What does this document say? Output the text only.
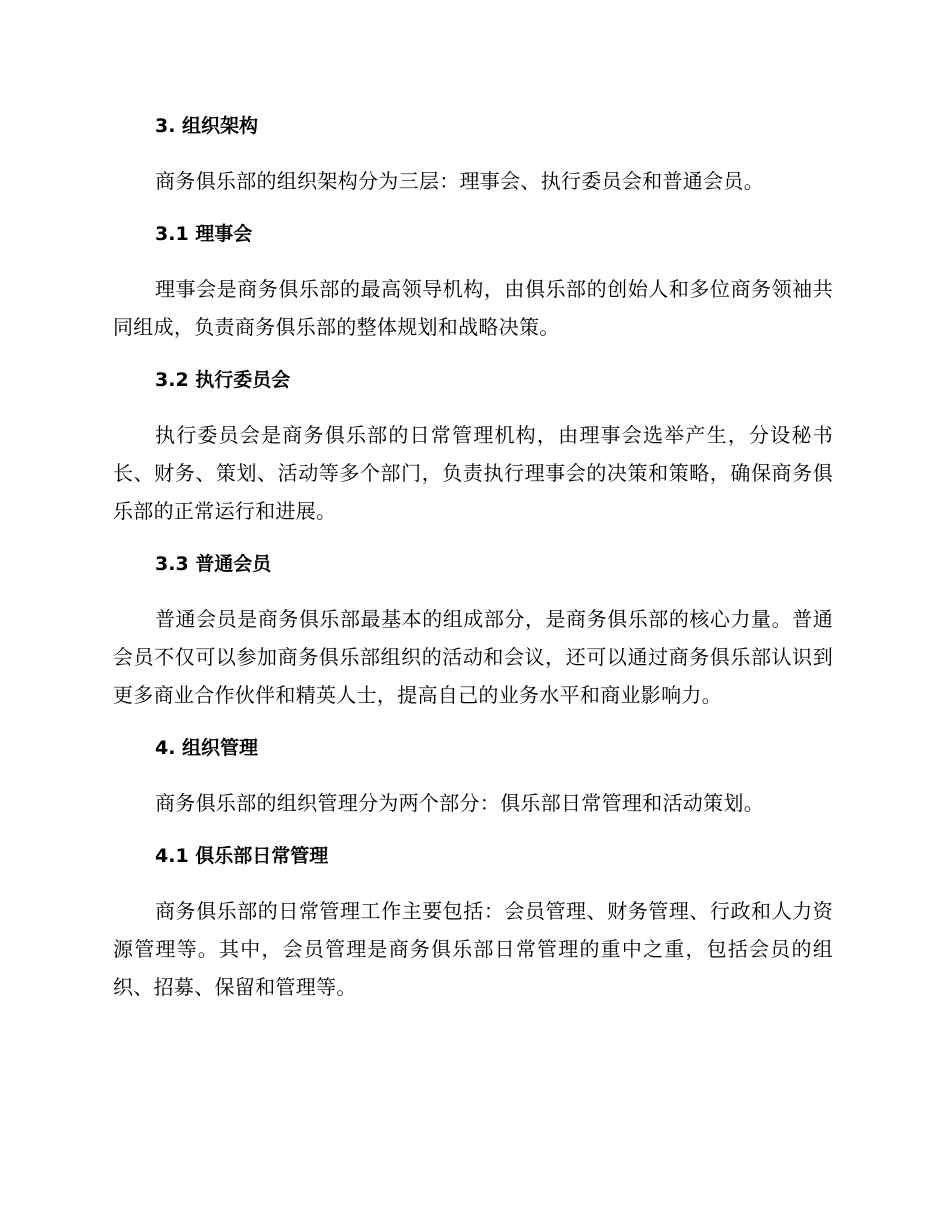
3. 组织架构

商务俱乐部的组织架构分为三层：理事会、执行委员会和普通会员。

3.1 理事会

理事会是商务俱乐部的最高领导机构，由俱乐部的创始人和多位商务领袖共同组成，负责商务俱乐部的整体规划和战略决策。

3.2 执行委员会

执行委员会是商务俱乐部的日常管理机构，由理事会选举产生，分设秘书长、财务、策划、活动等多个部门，负责执行理事会的决策和策略，确保商务俱乐部的正常运行和进展。

3.3 普通会员

普通会员是商务俱乐部最基本的组成部分，是商务俱乐部的核心力量。普通会员不仅可以参加商务俱乐部组织的活动和会议，还可以通过商务俱乐部认识到更多商业合作伙伴和精英人士，提高自己的业务水平和商业影响力。

4. 组织管理

商务俱乐部的组织管理分为两个部分：俱乐部日常管理和活动策划。

4.1 俱乐部日常管理

商务俱乐部的日常管理工作主要包括：会员管理、财务管理、行政和人力资源管理等。其中，会员管理是商务俱乐部日常管理的重中之重，包括会员的组织、招募、保留和管理等。
